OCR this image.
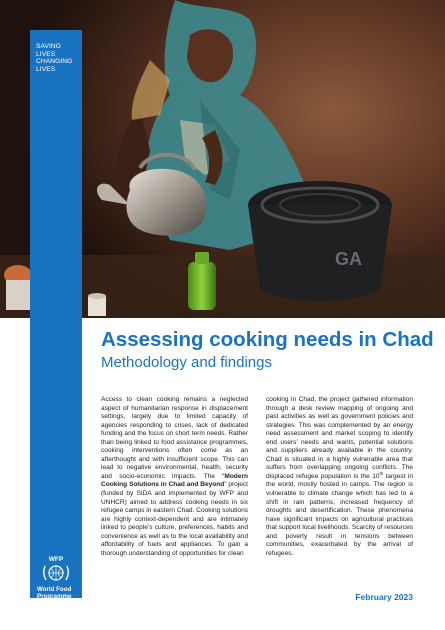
GA
SAVING
LIVES
CHANGING
LIVES
WFP
World Food
Programme
Assessing cooking needs in Chad
Methodology and findings

Access to clean cooking remains a neglected aspect of humanitarian response in displacement settings, largely due to limited capacity of agencies responding to crises, lack of dedicated funding and the focus on short term needs. Rather than being linked to food assistance programmes, cooking interventions often come as an afterthought and with insufficient scope. This can lead to negative environmental, health, security and socio-economic impacts. The “Modern Cooking Solutions in Chad and Beyond” project (funded by SIDA and implemented by WFP and UNHCR) aimed to address cooking needs in six refugee camps in eastern Chad. Cooking solutions are highly context-dependent and are intimately linked to people’s culture, preferences, habits and convenience as well as to the local availability and affordability of fuels and appliances. To gain a thorough understanding of opportunities for clean

cooking in Chad, the project gathered information through a desk review mapping of ongoing and past activities as well as government policies and strategies. This was complemented by an energy need assessment and market scoping to identify end users’ needs and wants, potential solutions and suppliers already available in the country. Chad is situated in a highly vulnerable area that suffers from overlapping ongoing conflicts. The displaced refugee population is the 10th largest in the world, mostly hosted in camps. The region is vulnerable to climate change which has led to a shift in rain patterns, increased frequency of droughts and desertification. These phenomena have significant impacts on agricultural practices that support local livelihoods. Scarcity of resources and poverty result in tensions between communities, exacerbated by the arrival of refugees.

February 2023
